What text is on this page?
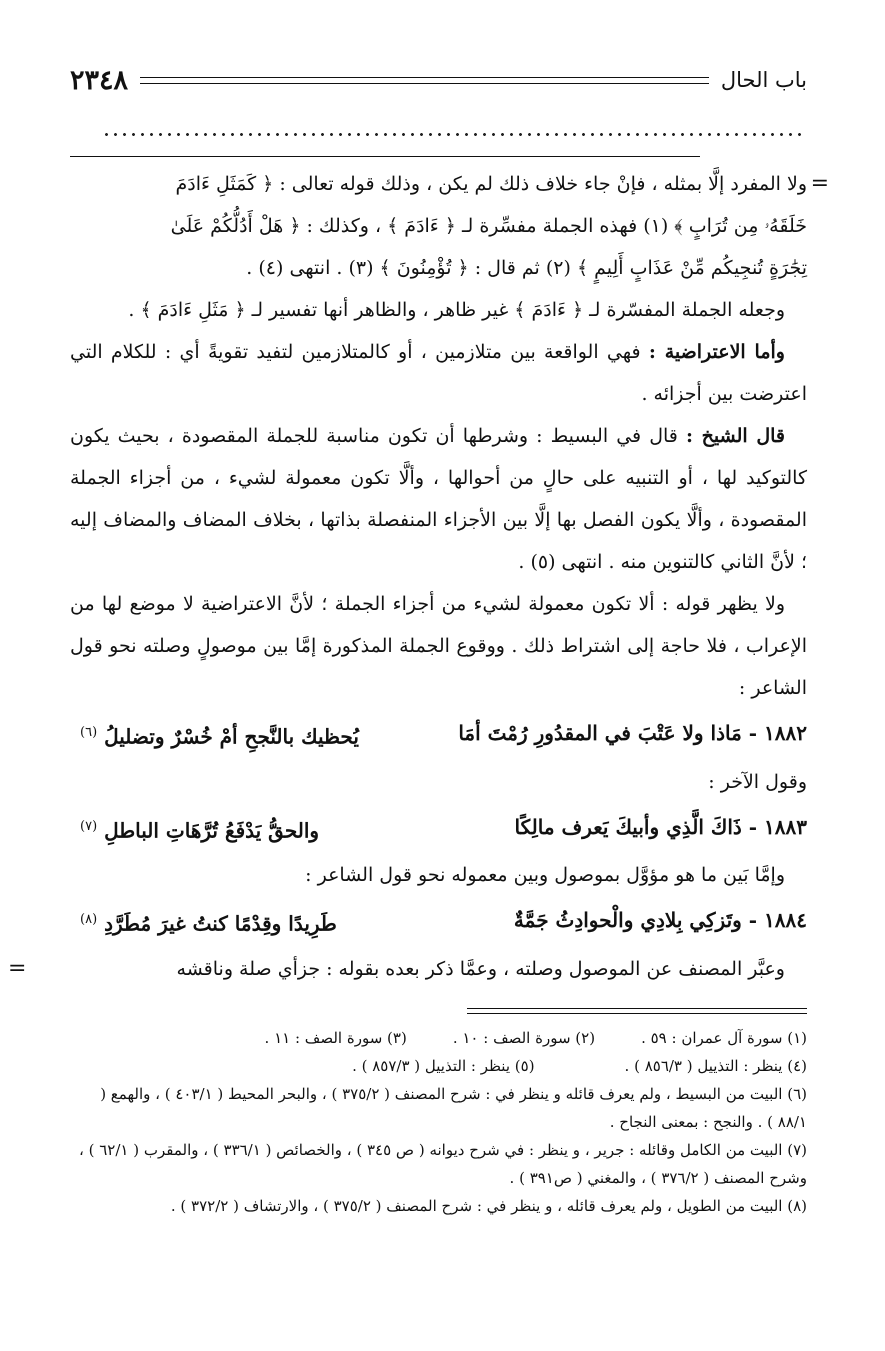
باب الحال
٢٣٤٨

=
ولا المفرد إلَّا بمثله ، فإنْ جاء خلاف ذلك لم يكن ، وذلك قوله تعالى : ﴿ كَمَثَلِ ءَادَمَ
خَلَقَهُۥ مِن تُرَابٍ ﴾ (١) فهذه الجملة مفسِّرة لـ ﴿ ءَادَمَ ﴾ ، وكذلك : ﴿ هَلْ أَدُلُّكُمْ عَلَىٰ
تِجَٰرَةٍ تُنجِيكُم مِّنْ عَذَابٍ أَلِيمٍ ﴾ (٢) ثم قال : ﴿ تُؤْمِنُونَ ﴾ (٣) . انتهى (٤) .

وجعله الجملة المفسّرة لـ ﴿ ءَادَمَ ﴾ غير ظاهر ، والظاهر أنها تفسير لـ ﴿ مَثَلِ ءَادَمَ ﴾ .

وأما الاعتراضية : فهي الواقعة بين متلازمين ، أو كالمتلازمين لتفيد تقويةً أي : للكلام التي اعترضت بين أجزائه .

قال الشيخ : قال في البسيط : وشرطها أن تكون مناسبة للجملة المقصودة ، بحيث يكون كالتوكيد لها ، أو التنبيه على حالٍ من أحوالها ، وألَّا تكون معمولة لشيء ، من أجزاء الجملة المقصودة ، وألَّا يكون الفصل بها إلَّا بين الأجزاء المنفصلة بذاتها ، بخلاف المضاف والمضاف إليه ؛ لأنَّ الثاني كالتنوين منه . انتهى (٥) .

ولا يظهر قوله : ألا تكون معمولة لشيء من أجزاء الجملة ؛ لأنَّ الاعتراضية لا موضع لها من الإعراب ، فلا حاجة إلى اشتراط ذلك . ووقوع الجملة المذكورة إمَّا بين موصولٍ وصلته نحو قول الشاعر :

١٨٨٢ - مَاذا ولا عَتْبَ في المقدُورِ رُمْتَ أمَا
يُحظيك بالنَّجحِ أمْ خُسْرٌ وتضليلُ $^{(٦)}$

وقول الآخر :

١٨٨٣ - ذَاكَ الَّذِي وأبيكَ يَعرف مالِكًا
والحقُّ يَدْفَعُ تُرَّهَاتِ الباطلِ $^{(٧)}$

وإمَّا بَين ما هو مؤوَّل بموصول وبين معموله نحو قول الشاعر :

١٨٨٤ - وتَزكِي بِلادِي والْحوادِثُ جَمَّةٌ
طَرِيدًا وقِدْمًا كنتُ غيرَ مُطَرَّدِ $^{(٨)}$

وعبَّر المصنف عن الموصول وصلته ، وعمَّا ذكر بعده بقوله : جزأي صلة وناقشه
=

(١) سورة آل عمران : ٥٩ .
(٢) سورة الصف : ١٠ .
(٣) سورة الصف : ١١ .
(٤) ينظر : التذييل ( ٨٥٦/٣ ) .
(٥) ينظر : التذييل ( ٨٥٧/٣ ) .

(٦) البيت من البسيط ، ولم يعرف قائله و ينظر في : شرح المصنف ( ٣٧٥/٢ ) ، والبحر المحيط ( ٤٠٣/١ ) ، والهمع ( ٨٨/١ ) . والنجح : بمعنى النجاح .

(٧) البيت من الكامل وقائله : جرير ، و ينظر : في شرح ديوانه ( ص ٣٤٥ ) ، والخصائص ( ٣٣٦/١ ) ، والمقرب ( ٦٢/١ ) ، وشرح المصنف ( ٣٧٦/٢ ) ، والمغني ( ص٣٩١ ) .

(٨) البيت من الطويل ، ولم يعرف قائله ، و ينظر في : شرح المصنف ( ٣٧٥/٢ ) ، والارتشاف ( ٣٧٢/٢ ) .
